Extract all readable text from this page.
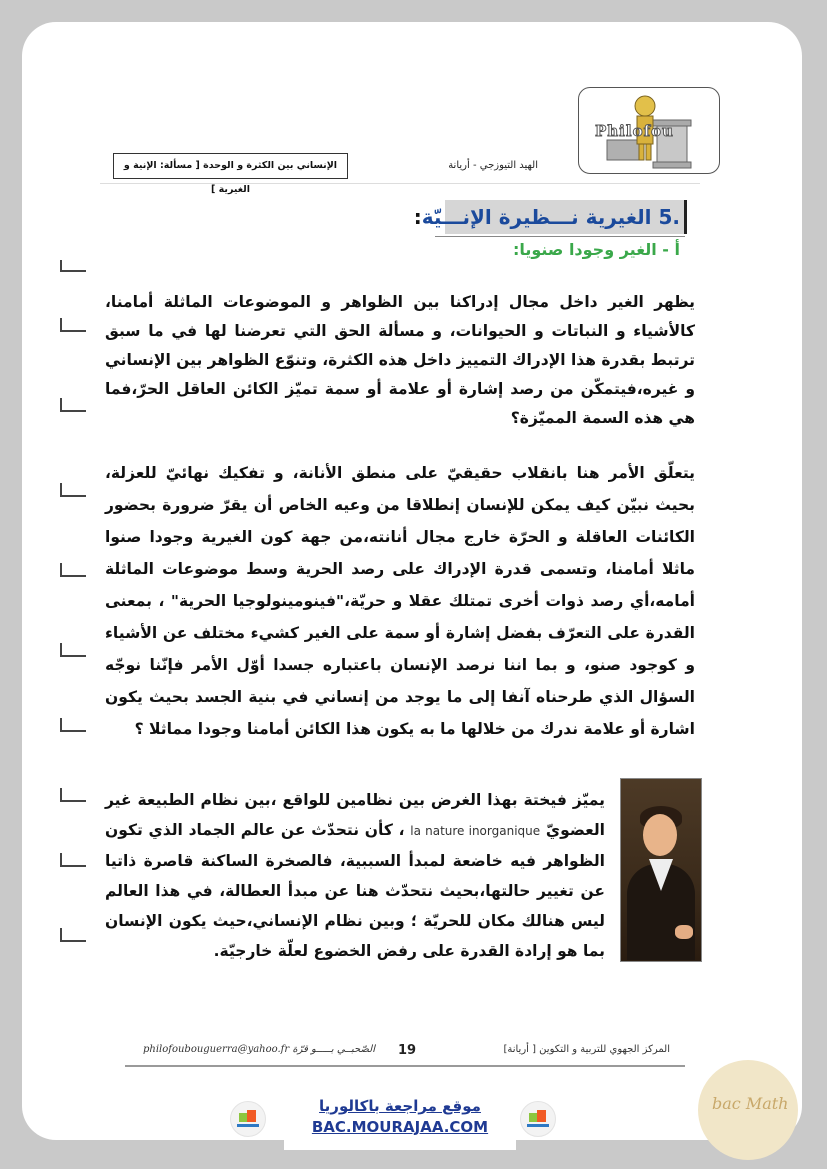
Philofou
الهيد التيوزجي - أريانة
الإنساني بين الكثرة و الوحدة [ مسألة: الإنية و الغيرية ]
.5 الغيرية نـــظيرة الإنـــيّة:
أ - الغير وجودا صنويا:
يظهر الغير داخل مجال إدراكنا بين الظواهر و الموضوعات الماثلة أمامنا، كالأشياء و النباتات و الحيوانات، و مسألة الحق التي تعرضنا لها في ما سبق ترتبط بقدرة هذا الإدراك التمييز داخل هذه الكثرة، وتنوّع الظواهر بين الإنساني و غيره،فيتمكّن من رصد إشارة أو علامة أو سمة تميّز الكائن العاقل الحرّ،فما هي هذه السمة المميّزة؟
يتعلّق الأمر هنا بانقلاب حقيقيّ على منطق الأنانة، و تفكيك نهائيّ للعزلة، بحيث نبيّن كيف يمكن للإنسان إنطلاقا من وعيه الخاص أن يقرّ ضرورة بحضور الكائنات العاقلة و الحرّة خارج مجال أنانته،من جهة كون الغيرية وجودا صنوا ماثلا أمامنا، وتسمى قدرة الإدراك على رصد الحرية وسط موضوعات الماثلة أمامه،أي رصد ذوات أخرى تمتلك عقلا و حريّة،"فينومينولوجيا الحرية" ، بمعنى القدرة على التعرّف بفضل إشارة أو سمة على الغير كشيء مختلف عن الأشياء و كوجود صنو، و بما اننا نرصد الإنسان باعتباره جسدا أوّل الأمر فإنّنا نوجّه السؤال الذي طرحناه آنفا إلى ما يوجد من إنساني في بنية الجسد بحيث يكون اشارة أو علامة ندرك من خلالها ما به يكون هذا الكائن أمامنا وجودا مماثلا ؟
يميّز فيختة بهذا الغرض بين نظامين للواقع ،بين نظام الطبيعة غير العضويّ la nature inorganique ، كأن نتحدّث عن عالم الجماد الذي تكون الظواهر فيه خاضعة لمبدأ السببية، فالصخرة الساكنة قاصرة ذاتيا عن تغيير حالتها،بحيث نتحدّث هنا عن مبدأ العطالة، في هذا العالم ليس هنالك مكان للحريّة ؛ وبين نظام الإنساني،حيث يكون الإنسان بما هو إرادة القدرة على رفض الخضوع لعلّة خارجيّة.
philofoubouguerra@yahoo.fr الصّحبــي بـــــو قرّة	19	المركز الجهوي للتربية و التكوين [ أريانة]
bac Math
موقع مراجعة باكالوريا
BAC.MOURAJAA.COM
